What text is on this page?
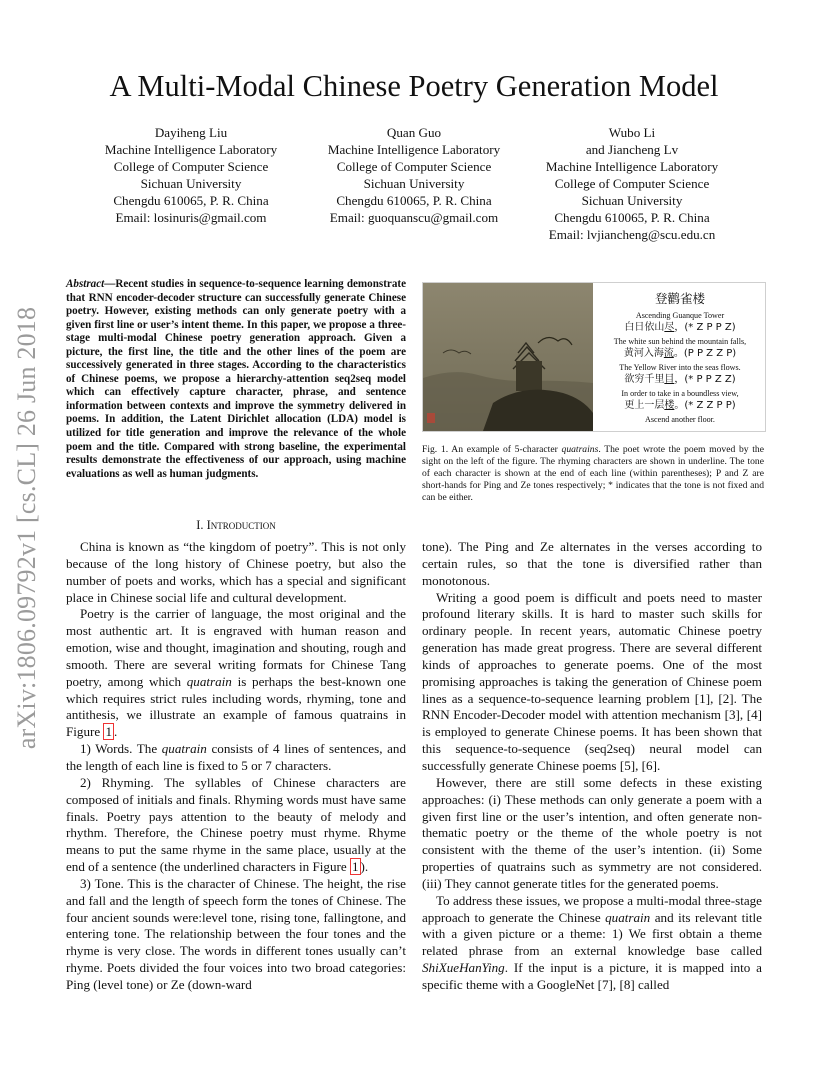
arXiv:1806.09792v1 [cs.CL] 26 Jun 2018
A Multi-Modal Chinese Poetry Generation Model
Dayiheng Liu
Machine Intelligence Laboratory
College of Computer Science
Sichuan University
Chengdu 610065, P. R. China
Email: losinuris@gmail.com
Quan Guo
Machine Intelligence Laboratory
College of Computer Science
Sichuan University
Chengdu 610065, P. R. China
Email: guoquanscu@gmail.com
Wubo Li
and Jiancheng Lv
Machine Intelligence Laboratory
College of Computer Science
Sichuan University
Chengdu 610065, P. R. China
Email: lvjiancheng@scu.edu.cn

Abstract—Recent studies in sequence-to-sequence learning demonstrate that RNN encoder-decoder structure can successfully generate Chinese poetry. However, existing methods can only generate poetry with a given first line or user’s intent theme. In this paper, we propose a three-stage multi-modal Chinese poetry generation approach. Given a picture, the first line, the title and the other lines of the poem are successively generated in three stages. According to the characteristics of Chinese poems, we propose a hierarchy-attention seq2seq model which can effectively capture character, phrase, and sentence information between contexts and improve the symmetry delivered in poems. In addition, the Latent Dirichlet allocation (LDA) model is utilized for title generation and improve the relevance of the whole poem and the title. Compared with strong baseline, the experimental results demonstrate the effectiveness of our approach, using machine evaluations as well as human judgments.

I. Introduction
登鹳雀楼
Ascending Guanque Tower
白日依山尽，(* Z P P Z)
The white sun behind the mountain falls,
黄河入海流。(P P Z Z P)
The Yellow River into the seas flows.
欲穷千里目，(* P P Z Z)
In order to take in a boundless view,
更上一层楼。(* Z Z P P)
Ascend another floor.

Fig. 1. An example of 5-character quatrains. The poet wrote the poem moved by the sight on the left of the figure. The rhyming characters are shown in underline. The tone of each character is shown at the end of each line (within parentheses); P and Z are short-hands for Ping and Ze tones respectively; * indicates that the tone is not fixed and can be either.

China is known as “the kingdom of poetry”. This is not only because of the long history of Chinese poetry, but also the number of poets and works, which has a special and significant place in Chinese social life and cultural development.

Poetry is the carrier of language, the most original and the most authentic art. It is engraved with human reason and emotion, wise and thought, imagination and shouting, rough and smooth. There are several writing formats for Chinese Tang poetry, among which quatrain is perhaps the best-known one which requires strict rules including words, rhyming, tone and antithesis, we illustrate an example of famous quatrains in Figure 1 .

1) Words. The quatrain consists of 4 lines of sentences, and the length of each line is fixed to 5 or 7 characters.

2) Rhyming. The syllables of Chinese characters are composed of initials and finals. Rhyming words must have same finals. Poetry pays attention to the beauty of melody and rhythm. Therefore, the Chinese poetry must rhyme. Rhyme means to put the same rhyme in the same place, usually at the end of a sentence (the underlined characters in Figure 1 ).

3) Tone. This is the character of Chinese. The height, the rise and fall and the length of speech form the tones of Chinese. The four ancient sounds were:level tone, rising tone, fallingtone, and entering tone. The relationship between the four tones and the rhyme is very close. The words in different tones usually can’t rhyme. Poets divided the four voices into two broad categories: Ping (level tone) or Ze (down-ward

tone). The Ping and Ze alternates in the verses according to certain rules, so that the tone is diversified rather than monotonous.

Writing a good poem is difficult and poets need to master profound literary skills. It is hard to master such skills for ordinary people. In recent years, automatic Chinese poetry generation has made great progress. There are several different kinds of approaches to generate poems. One of the most promising approaches is taking the generation of Chinese poem lines as a sequence-to-sequence learning problem [1], [2]. The RNN Encoder-Decoder model with attention mechanism [3], [4] is employed to generate Chinese poems. It has been shown that this sequence-to-sequence (seq2seq) neural model can successfully generate Chinese poems [5], [6].

However, there are still some defects in these existing approaches: (i) These methods can only generate a poem with a given first line or the user’s intention, and often generate non-thematic poetry or the theme of the whole poetry is not consistent with the theme of the user’s intention. (ii) Some properties of quatrains such as symmetry are not considered. (iii) They cannot generate titles for the generated poems.

To address these issues, we propose a multi-modal three-stage approach to generate the Chinese quatrain and its relevant title with a given picture or a theme: 1) We first obtain a theme related phrase from an external knowledge base called ShiXueHanYing. If the input is a picture, it is mapped into a specific theme with a GoogleNet [7], [8] called
